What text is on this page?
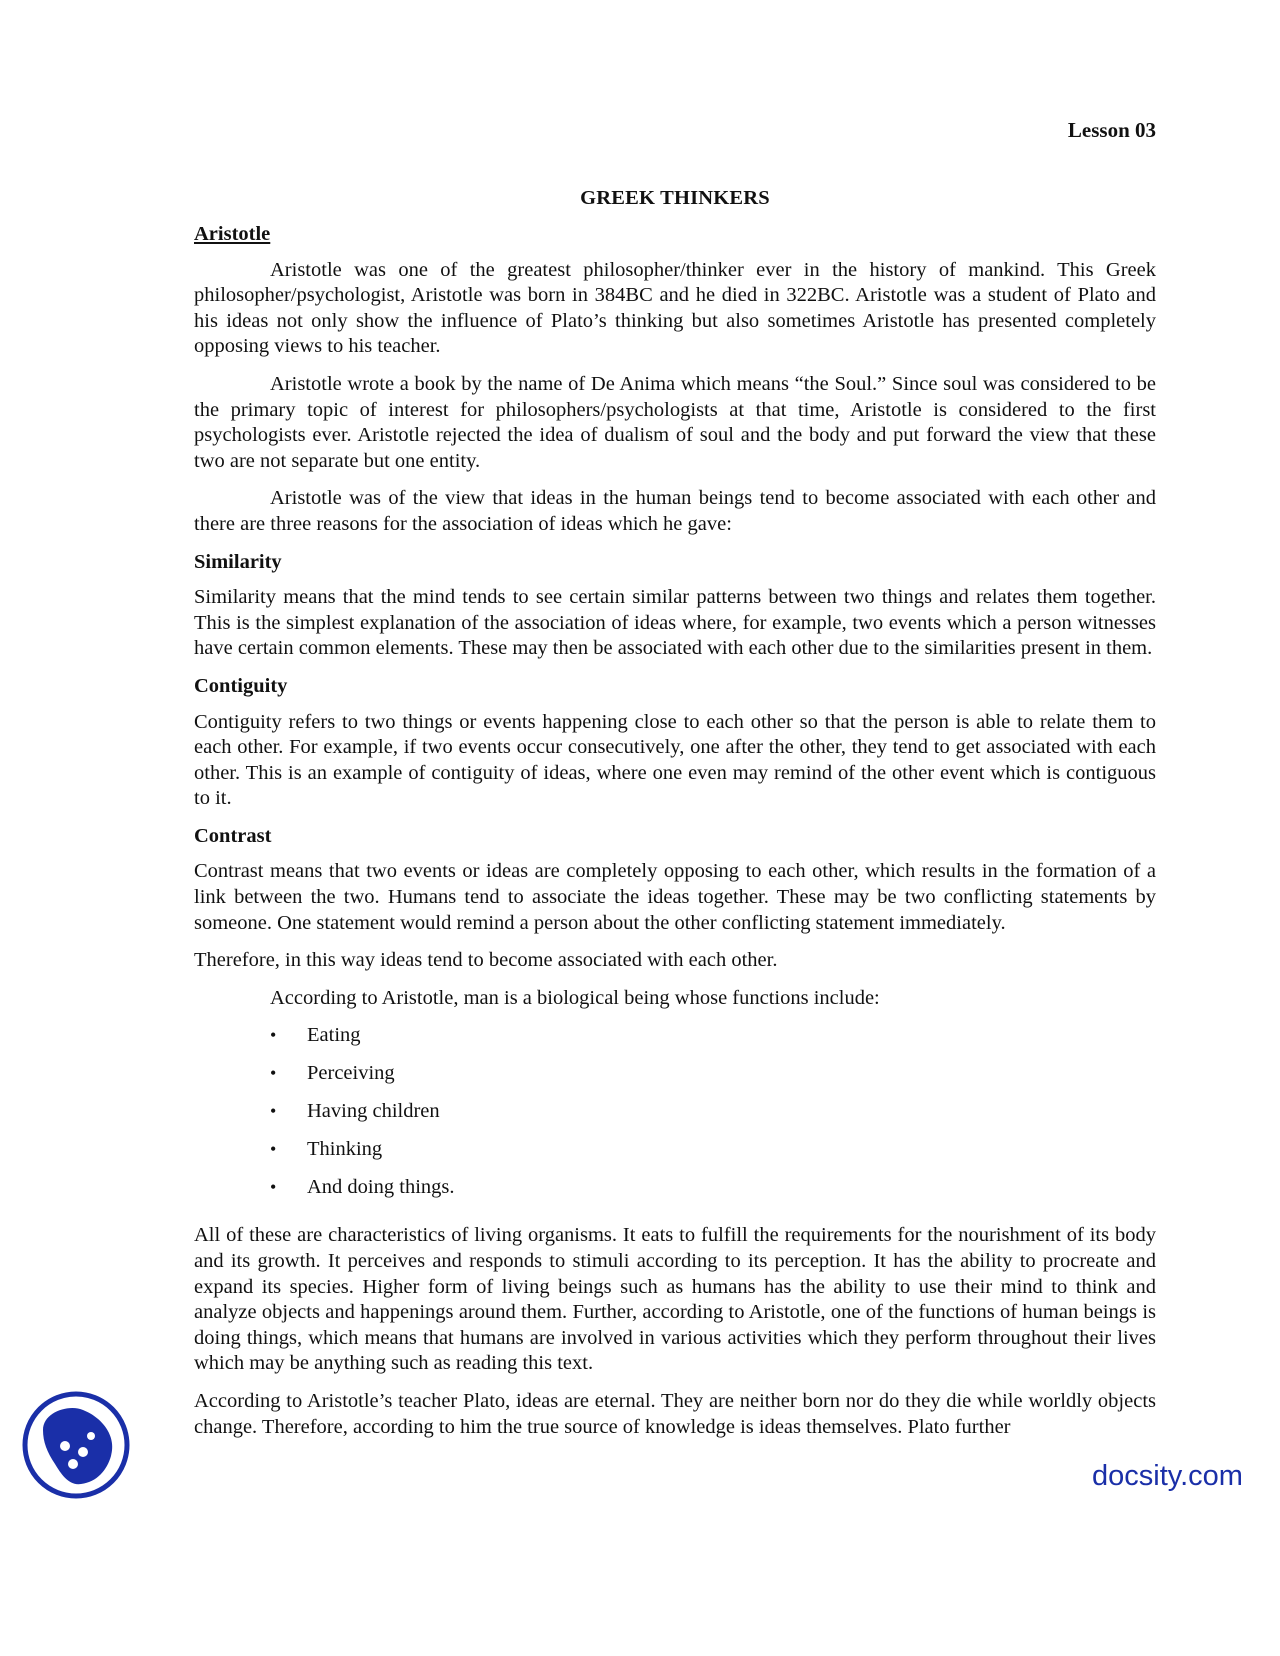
Lesson 03
GREEK THINKERS
Aristotle

Aristotle was one of the greatest philosopher/thinker ever in the history of mankind. This Greek philosopher/psychologist, Aristotle was born in 384BC and he died in 322BC. Aristotle was a student of Plato and his ideas not only show the influence of Plato’s thinking but also sometimes Aristotle has presented completely opposing views to his teacher.

Aristotle wrote a book by the name of De Anima which means “the Soul.” Since soul was considered to be the primary topic of interest for philosophers/psychologists at that time, Aristotle is considered to the first psychologists ever. Aristotle rejected the idea of dualism of soul and the body and put forward the view that these two are not separate but one entity.

Aristotle was of the view that ideas in the human beings tend to become associated with each other and there are three reasons for the association of ideas which he gave:

Similarity

Similarity means that the mind tends to see certain similar patterns between two things and relates them together. This is the simplest explanation of the association of ideas where, for example, two events which a person witnesses have certain common elements. These may then be associated with each other due to the similarities present in them.

Contiguity

Contiguity refers to two things or events happening close to each other so that the person is able to relate them to each other. For example, if two events occur consecutively, one after the other, they tend to get associated with each other. This is an example of contiguity of ideas, where one even may remind of the other event which is contiguous to it.

Contrast

Contrast means that two events or ideas are completely opposing to each other, which results in the formation of a link between the two. Humans tend to associate the ideas together. These may be two conflicting statements by someone. One statement would remind a person about the other conflicting statement immediately.

Therefore, in this way ideas tend to become associated with each other.

According to Aristotle, man is a biological being whose functions include:
• Eating
• Perceiving
• Having children
• Thinking
• And doing things.

All of these are characteristics of living organisms. It eats to fulfill the requirements for the nourishment of its body and its growth. It perceives and responds to stimuli according to its perception. It has the ability to procreate and expand its species. Higher form of living beings such as humans has the ability to use their mind to think and analyze objects and happenings around them. Further, according to Aristotle, one of the functions of human beings is doing things, which means that humans are involved in various activities which they perform throughout their lives which may be anything such as reading this text.

According to Aristotle’s teacher Plato, ideas are eternal. They are neither born nor do they die while worldly objects change. Therefore, according to him the true source of knowledge is ideas themselves. Plato further

docsity.com
